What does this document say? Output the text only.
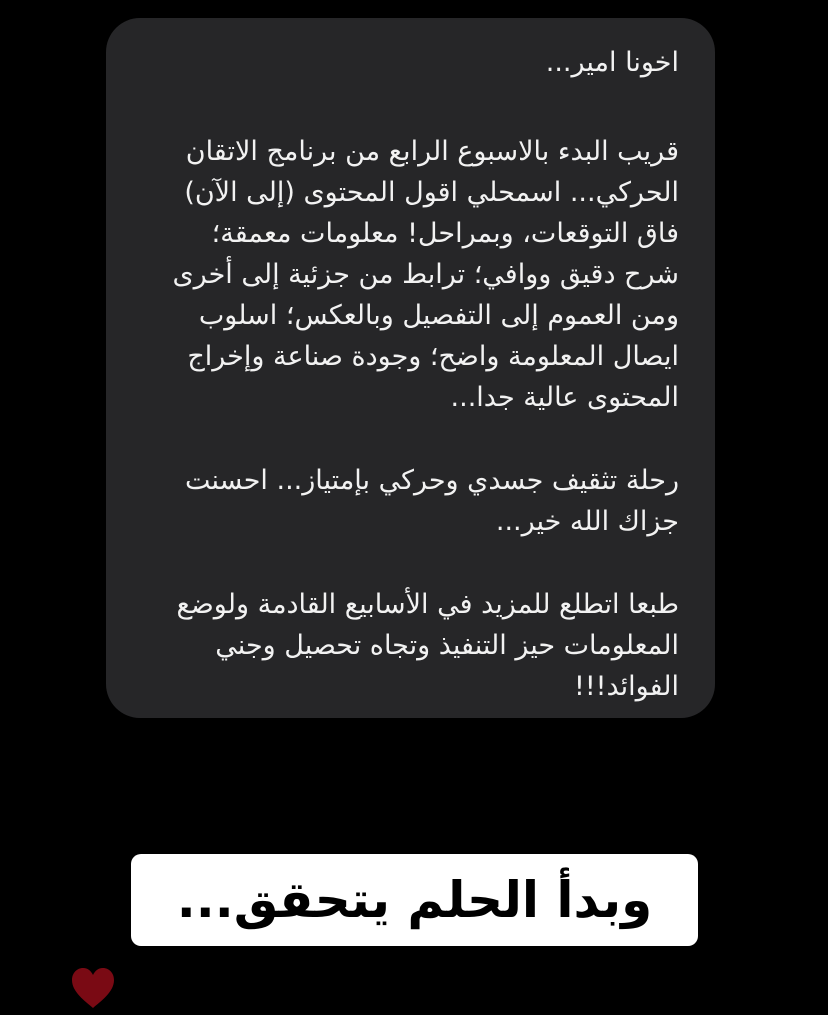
اخونا امير...

قريب البدء بالاسبوع الرابع من برنامج الاتقان
الحركي... اسمحلي اقول المحتوى (إلى الآن)
فاق التوقعات، وبمراحل! معلومات معمقة؛
شرح دقيق ووافي؛ ترابط من جزئية إلى أخرى
ومن العموم إلى التفصيل وبالعكس؛ اسلوب
ايصال المعلومة واضح؛ وجودة صناعة وإخراج
المحتوى عالية جدا...

رحلة تثقيف جسدي وحركي بإمتياز... احسنت
جزاك الله خير...

طبعا اتطلع للمزيد في الأسابيع القادمة ولوضع
المعلومات حيز التنفيذ وتجاه تحصيل وجني
الفوائد!!!

وبدأ الحلم يتحقق...
